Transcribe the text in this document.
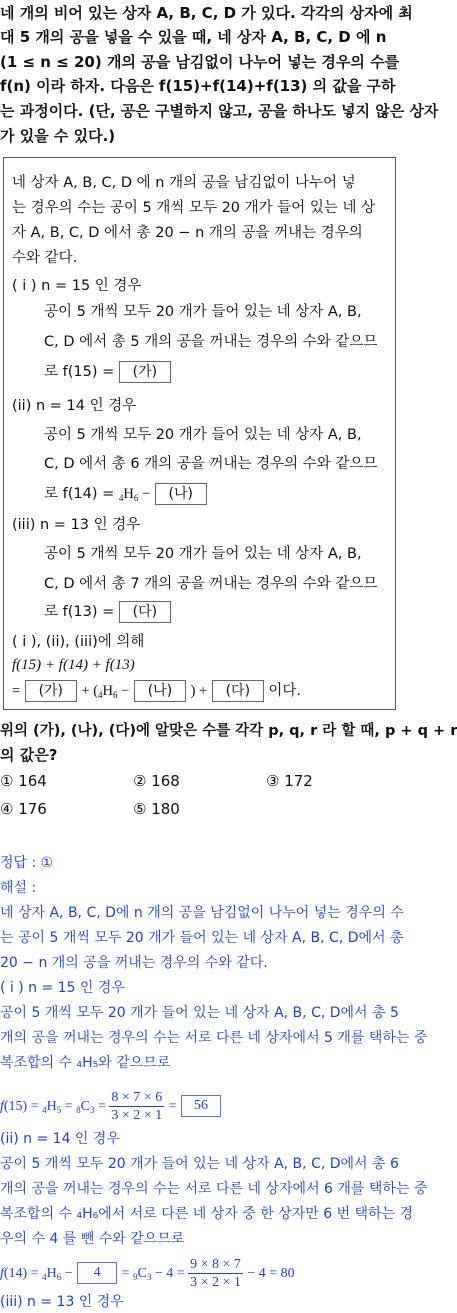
네 개의 비어 있는 상자 A, B, C, D 가 있다. 각각의 상자에 최
대 5 개의 공을 넣을 수 있을 때, 네 상자 A, B, C, D 에 n
(1 ≤ n ≤ 20) 개의 공을 남김없이 나누어 넣는 경우의 수를
f(n) 이라 하자. 다음은 f(15)+f(14)+f(13) 의 값을 구하
는 과정이다. (단, 공은 구별하지 않고, 공을 하나도 넣지 않은 상자
가 있을 수 있다.)
네 상자 A, B, C, D 에 n 개의 공을 남김없이 나누어 넣
는 경우의 수는 공이 5 개씩 모두 20 개가 들어 있는 네 상
자 A, B, C, D 에서 총 20 − n 개의 공을 꺼내는 경우의
수와 같다.
( i ) n = 15 인 경우
공이 5 개씩 모두 20 개가 들어 있는 네 상자 A, B,
C, D 에서 총 5 개의 공을 꺼내는 경우의 수와 같으므
로 f(15) = (가)
(ii) n = 14 인 경우
공이 5 개씩 모두 20 개가 들어 있는 네 상자 A, B,
C, D 에서 총 6 개의 공을 꺼내는 경우의 수와 같으므
로 $f(14) = _4H_6$ − (나)
(iii) n = 13 인 경우
공이 5 개씩 모두 20 개가 들어 있는 네 상자 A, B,
C, D 에서 총 7 개의 공을 꺼내는 경우의 수와 같으므
로 f(13) = (다)
( i ), (ii), (iii)에 의해
f(15) + f(14) + f(13)
= (가) + ($_4H_6$ − (나) ) + (다) 이다.
위의 (가), (나), (다)에 알맞은 수를 각각 p, q, r 라 할 때, p + q + r
의 값은?
① 164	② 168	③ 172
④ 176	⑤ 180
정답 : ①
해설 :
네 상자 A, B, C, D에 n 개의 공을 남김없이 나누어 넣는 경우의 수
는 공이 5 개씩 모두 20 개가 들어 있는 네 상자 A, B, C, D에서 총
20 − n 개의 공을 꺼내는 경우의 수와 같다.
( i ) n = 15 인 경우
공이 5 개씩 모두 20 개가 들어 있는 네 상자 A, B, C, D에서 총 5
개의 공을 꺼내는 경우의 수는 서로 다른 네 상자에서 5 개를 택하는 중
복조합의 수 ₄H₅와 같으므로
$f(15) = _4H_5 = _8C_3 = \frac{8 \times 7 \times 6}{3 \times 2 \times 1} = 56$
(ii) n = 14 인 경우
공이 5 개씩 모두 20 개가 들어 있는 네 상자 A, B, C, D에서 총 6
개의 공을 꺼내는 경우의 수는 서로 다른 네 상자에서 6 개를 택하는 중
복조합의 수 ₄H₆에서 서로 다른 네 상자 중 한 상자만 6 번 택하는 경
우의 수 4 를 뺀 수와 같으므로
$f(14) = _4H_6 - 4 = _9C_3 - 4 = \frac{9 \times 8 \times 7}{3 \times 2 \times 1} - 4 = 80$
(iii) n = 13 인 경우
